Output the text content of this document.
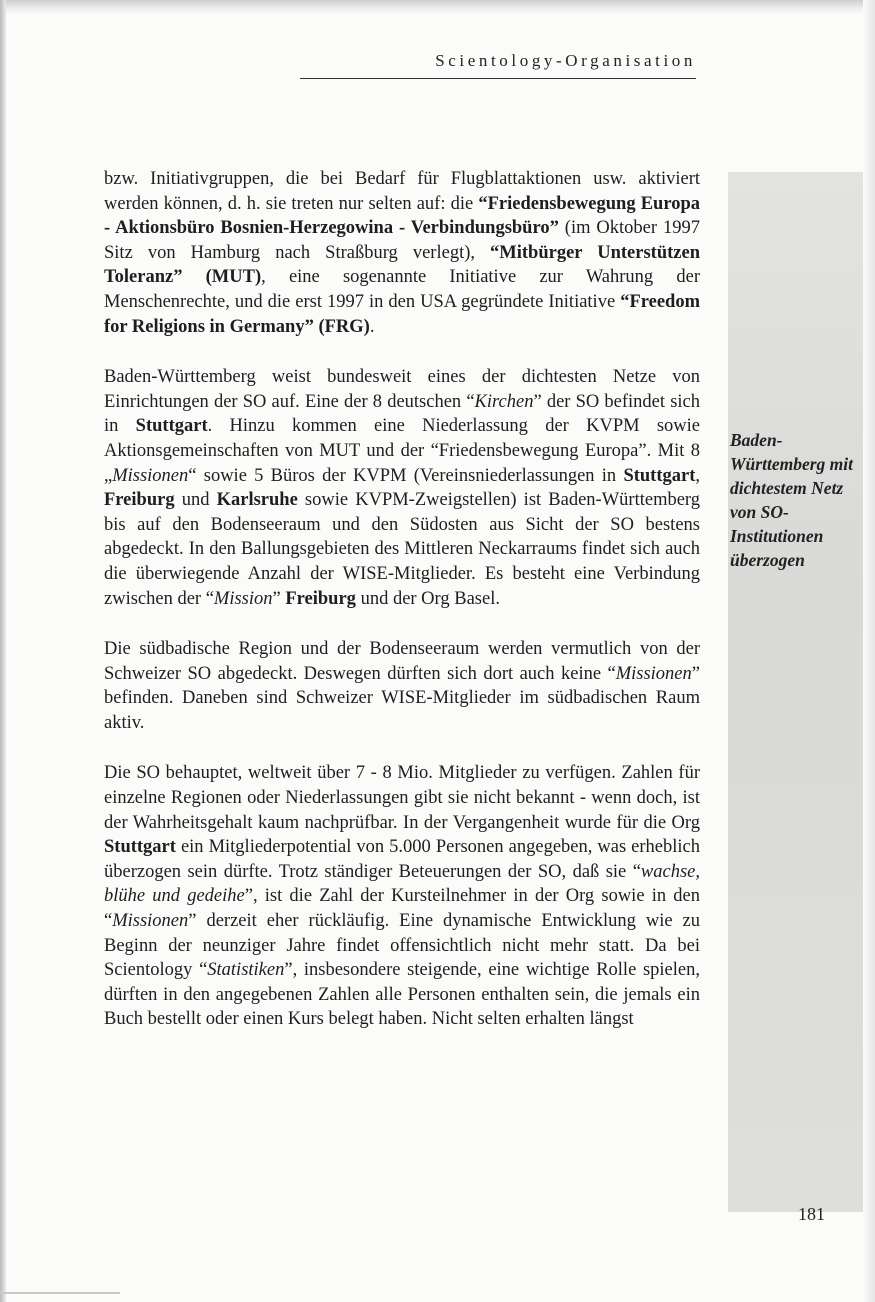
Scientology-Organisation
Baden-Württemberg mit dichtestem Netz von SO-Institutionen überzogen

bzw. Initiativgruppen, die bei Bedarf für Flugblattaktionen usw. aktiviert werden können, d. h. sie treten nur selten auf: die “Friedensbewegung Europa - Aktionsbüro Bosnien-Herzegowina - Verbindungsbüro” (im Oktober 1997 Sitz von Hamburg nach Straßburg verlegt), “Mitbürger Unterstützen Toleranz” (MUT), eine sogenannte Initiative zur Wahrung der Menschenrechte, und die erst 1997 in den USA gegründete Initiative “Freedom for Religions in Germany” (FRG).

Baden-Württemberg weist bundesweit eines der dichtesten Netze von Einrichtungen der SO auf. Eine der 8 deutschen “Kirchen” der SO befindet sich in Stuttgart. Hinzu kommen eine Niederlassung der KVPM sowie Aktionsgemeinschaften von MUT und der “Friedensbewegung Europa”. Mit 8 „Missionen“ sowie 5 Büros der KVPM (Vereinsniederlassungen in Stuttgart, Freiburg und Karlsruhe sowie KVPM-Zweigstellen) ist Baden-Württemberg bis auf den Bodenseeraum und den Südosten aus Sicht der SO bestens abgedeckt. In den Ballungsgebieten des Mittleren Neckarraums findet sich auch die überwiegende Anzahl der WISE-Mitglieder. Es besteht eine Verbindung zwischen der “Mission” Freiburg und der Org Basel.

Die südbadische Region und der Bodenseeraum werden vermutlich von der Schweizer SO abgedeckt. Deswegen dürften sich dort auch keine “Missionen” befinden. Daneben sind Schweizer WISE-Mitglieder im südbadischen Raum aktiv.

Die SO behauptet, weltweit über 7 - 8 Mio. Mitglieder zu verfügen. Zahlen für einzelne Regionen oder Niederlassungen gibt sie nicht bekannt - wenn doch, ist der Wahrheitsgehalt kaum nachprüfbar. In der Vergangenheit wurde für die Org Stuttgart ein Mitgliederpotential von 5.000 Personen angegeben, was erheblich überzogen sein dürfte. Trotz ständiger Beteuerungen der SO, daß sie “wachse, blühe und gedeihe”, ist die Zahl der Kursteilnehmer in der Org sowie in den “Missionen” derzeit eher rückläufig. Eine dynamische Entwicklung wie zu Beginn der neunziger Jahre findet offensichtlich nicht mehr statt. Da bei Scientology “Statistiken”, insbesondere steigende, eine wichtige Rolle spielen, dürften in den angegebenen Zahlen alle Personen enthalten sein, die jemals ein Buch bestellt oder einen Kurs belegt haben. Nicht selten erhalten längst

181
